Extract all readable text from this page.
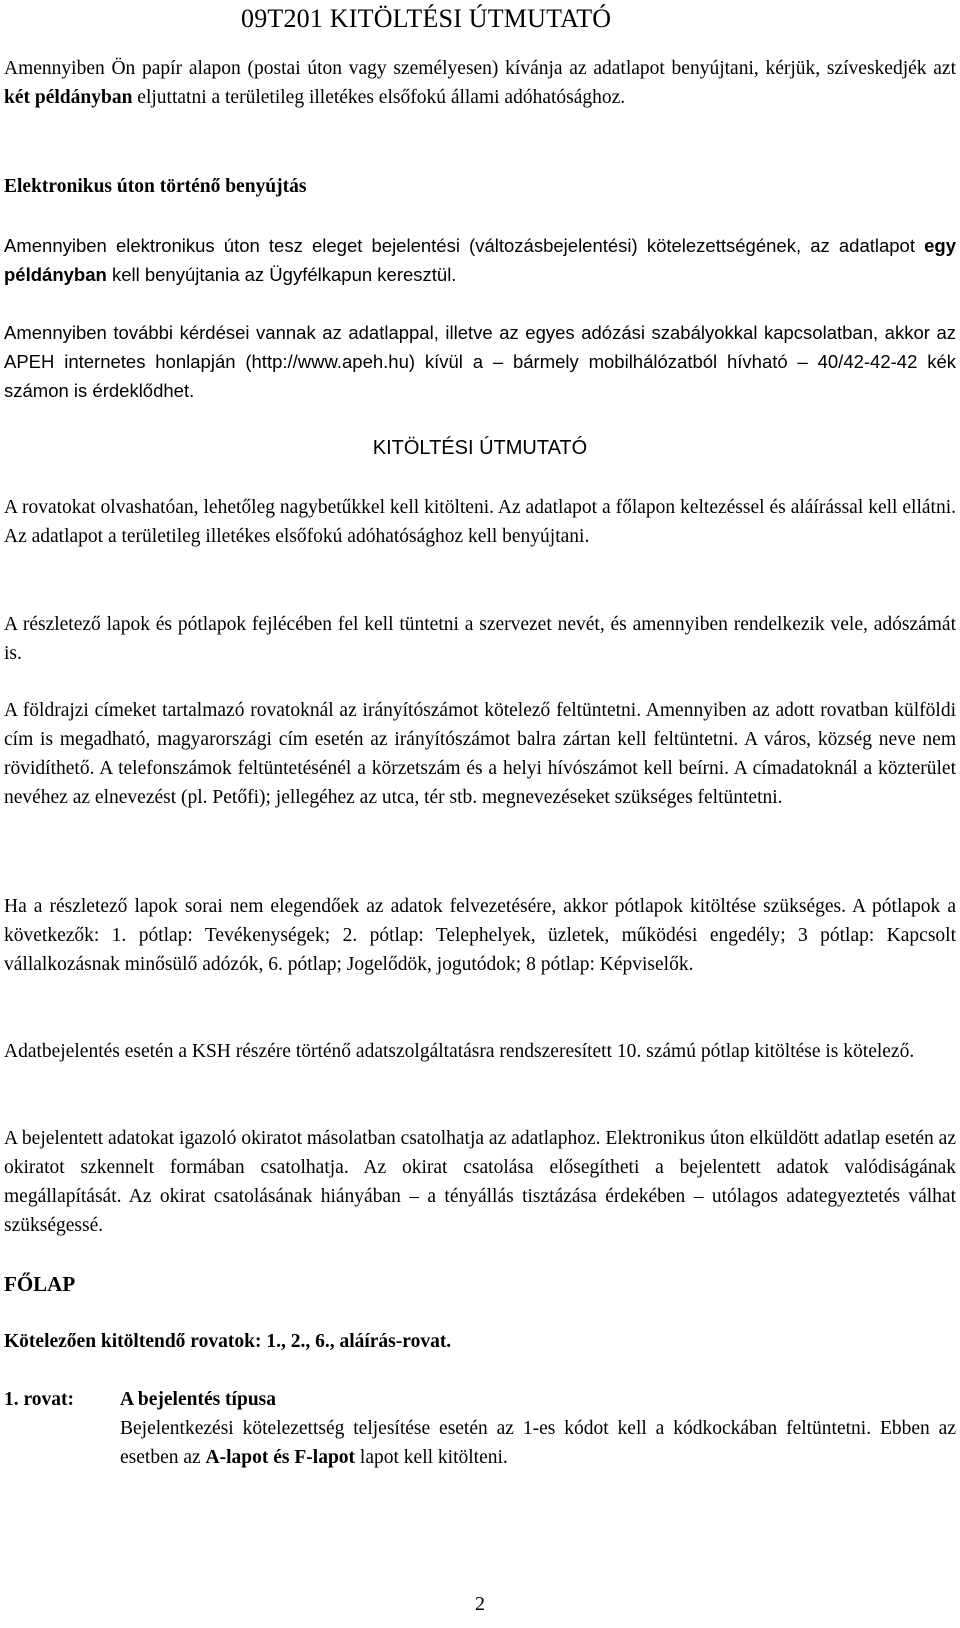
09T201 KITÖLTÉSI ÚTMUTATÓ

Amennyiben Ön papír alapon (postai úton vagy személyesen) kívánja az adatlapot benyújtani, kérjük, szíveskedjék azt két példányban eljuttatni a területileg illetékes elsőfokú állami adóhatósághoz.

Elektronikus úton történő benyújtás

Amennyiben elektronikus úton tesz eleget bejelentési (változásbejelentési) kötelezettségének, az adatlapot egy példányban kell benyújtania az Ügyfélkapun keresztül.

Amennyiben további kérdései vannak az adatlappal, illetve az egyes adózási szabályokkal kapcsolatban, akkor az APEH internetes honlapján (http://www.apeh.hu) kívül a – bármely mobilhálózatból hívható – 40/42-42-42 kék számon is érdeklődhet.

KITÖLTÉSI ÚTMUTATÓ

A rovatokat olvashatóan, lehetőleg nagybetűkkel kell kitölteni. Az adatlapot a főlapon keltezéssel és aláírással kell ellátni. Az adatlapot a területileg illetékes elsőfokú adóhatósághoz kell benyújtani.

A részletező lapok és pótlapok fejlécében fel kell tüntetni a szervezet nevét, és amennyiben rendelkezik vele, adószámát is.

A földrajzi címeket tartalmazó rovatoknál az irányítószámot kötelező feltüntetni. Amennyiben az adott rovatban külföldi cím is megadható, magyarországi cím esetén az irányítószámot balra zártan kell feltüntetni. A város, község neve nem rövidíthető. A telefonszámok feltüntetésénél a körzetszám és a helyi hívószámot kell beírni. A címadatoknál a közterület nevéhez az elnevezést (pl. Petőfi); jellegéhez az utca, tér stb. megnevezéseket szükséges feltüntetni.

Ha a részletező lapok sorai nem elegendőek az adatok felvezetésére, akkor pótlapok kitöltése szükséges. A pótlapok a következők: 1. pótlap: Tevékenységek; 2. pótlap: Telephelyek, üzletek, működési engedély; 3 pótlap: Kapcsolt vállalkozásnak minősülő adózók, 6. pótlap; Jogelődök, jogutódok; 8 pótlap: Képviselők.

Adatbejelentés esetén a KSH részére történő adatszolgáltatásra rendszeresített 10. számú pótlap kitöltése is kötelező.

A bejelentett adatokat igazoló okiratot másolatban csatolhatja az adatlaphoz. Elektronikus úton elküldött adatlap esetén az okiratot szkennelt formában csatolhatja. Az okirat csatolása elősegítheti a bejelentett adatok valódiságának megállapítását. Az okirat csatolásának hiányában – a tényállás tisztázása érdekében – utólagos adategyeztetés válhat szükségessé.

FŐLAP
Kötelezően kitöltendő rovatok: 1., 2., 6., aláírás-rovat.
1. rovat: A bejelentés típusa

Bejelentkezési kötelezettség teljesítése esetén az 1-es kódot kell a kódkockában feltüntetni. Ebben az esetben az A-lapot és F-lapot lapot kell kitölteni.

2
